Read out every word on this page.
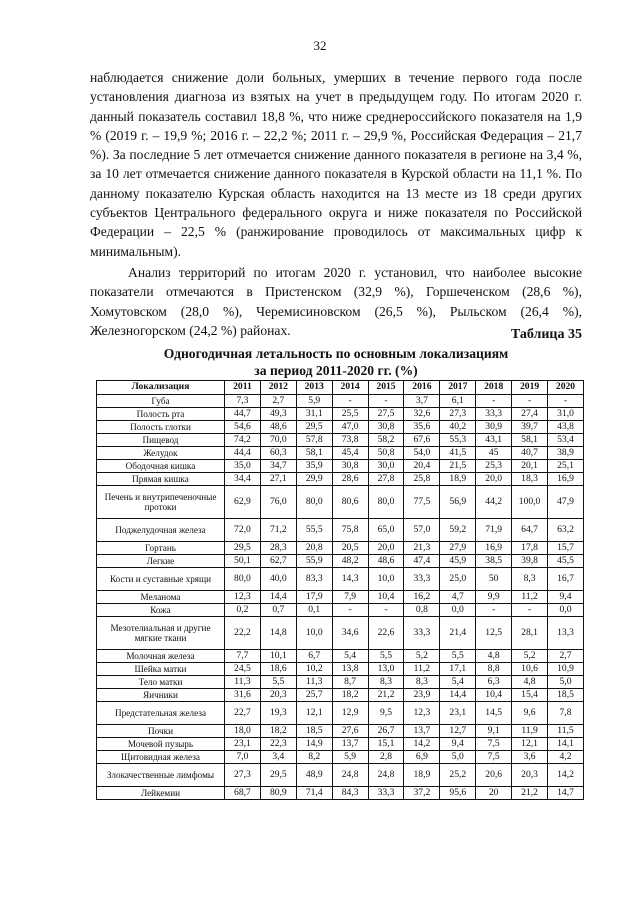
32

наблюдается снижение доли больных, умерших в течение первого года после установления диагноза из взятых на учет в предыдущем году. По итогам 2020 г. данный показатель составил 18,8 %, что ниже среднероссийского показателя на 1,9 % (2019 г. – 19,9 %; 2016 г. – 22,2 %; 2011 г. – 29,9 %, Российская Федерация – 21,7 %). За последние 5 лет отмечается снижение данного показателя в регионе на 3,4 %, за 10 лет отмечается снижение данного показателя в Курской области на 11,1 %. По данному показателю Курская область находится на 13 месте из 18 среди других субъектов Центрального федерального округа и ниже показателя по Российской Федерации – 22,5 % (ранжирование проводилось от максимальных цифр к минимальным).

Анализ территорий по итогам 2020 г. установил, что наиболее высокие показатели отмечаются в Пристенском (32,9 %), Горшеченском (28,6 %), Хомутовском (28,0 %), Черемисиновском (26,5 %), Рыльском (26,4 %), Железногорском (24,2 %) районах.	Таблица 35
Одногодичная летальность по основным локализациям
за период 2011-2020 гг. (%)
Локализация	2011	2012	2013	2014	2015	2016	2017	2018	2019	2020
Губа	7,3	2,7	5,9	-	-	3,7	6,1	-	-	-
Полость рта	44,7	49,3	31,1	25,5	27,5	32,6	27,3	33,3	27,4	31,0
Полость глотки	54,6	48,6	29,5	47,0	30,8	35,6	40,2	30,9	39,7	43,8
Пищевод	74,2	70,0	57,8	73,8	58,2	67,6	55,3	43,1	58,1	53,4
Желудок	44,4	60,3	58,1	45,4	50,8	54,0	41,5	45	40,7	38,9
Ободочная кишка	35,0	34,7	35,9	30,8	30,0	20,4	21,5	25,3	20,1	25,1
Прямая кишка	34,4	27,1	29,9	28,6	27,8	25,8	18,9	20,0	18,3	16,9
Печень и внутрипеченочные протоки	62,9	76,0	80,0	80,6	80,0	77,5	56,9	44,2	100,0	47,9
Поджелудочная железа	72,0	71,2	55,5	75,8	65,0	57,0	59,2	71,9	64,7	63,2
Гортань	29,5	28,3	20,8	20,5	20,0	21,3	27,9	16,9	17,8	15,7
Легкие	50,1	62,7	55,9	48,2	48,6	47,4	45,9	38,5	39,8	45,5
Кости и суставные хрящи	80,0	40,0	83,3	14,3	10,0	33,3	25,0	50	8,3	16,7
Меланома	12,3	14,4	17,9	7,9	10,4	16,2	4,7	9,9	11,2	9,4
Кожа	0,2	0,7	0,1	-	-	0,8	0,0	-	-	0,0
Мезотелиальная и другие мягкие ткани	22,2	14,8	10,0	34,6	22,6	33,3	21,4	12,5	28,1	13,3
Молочная железа	7,7	10,1	6,7	5,4	5,5	5,2	5,5	4,8	5,2	2,7
Шейка матки	24,5	18,6	10,2	13,8	13,0	11,2	17,1	8,8	10,6	10,9
Тело матки	11,3	5,5	11,3	8,7	8,3	8,3	5,4	6,3	4,8	5,0
Яичники	31,6	20,3	25,7	18,2	21,2	23,9	14,4	10,4	15,4	18,5
Предстательная железа	22,7	19,3	12,1	12,9	9,5	12,3	23,1	14,5	9,6	7,8
Почки	18,0	18,2	18,5	27,6	26,7	13,7	12,7	9,1	11,9	11,5
Мочевой пузырь	23,1	22,3	14,9	13,7	15,1	14,2	9,4	7,5	12,1	14,1
Щитовидная железа	7,0	3,4	8,2	5,9	2,8	6,9	5,0	7,5	3,6	4,2
Злокачественные лимфомы	27,3	29,5	48,9	24,8	24,8	18,9	25,2	20,6	20,3	14,2
Лейкемии	68,7	80,9	71,4	84,3	33,3	37,2	95,6	20	21,2	14,7
